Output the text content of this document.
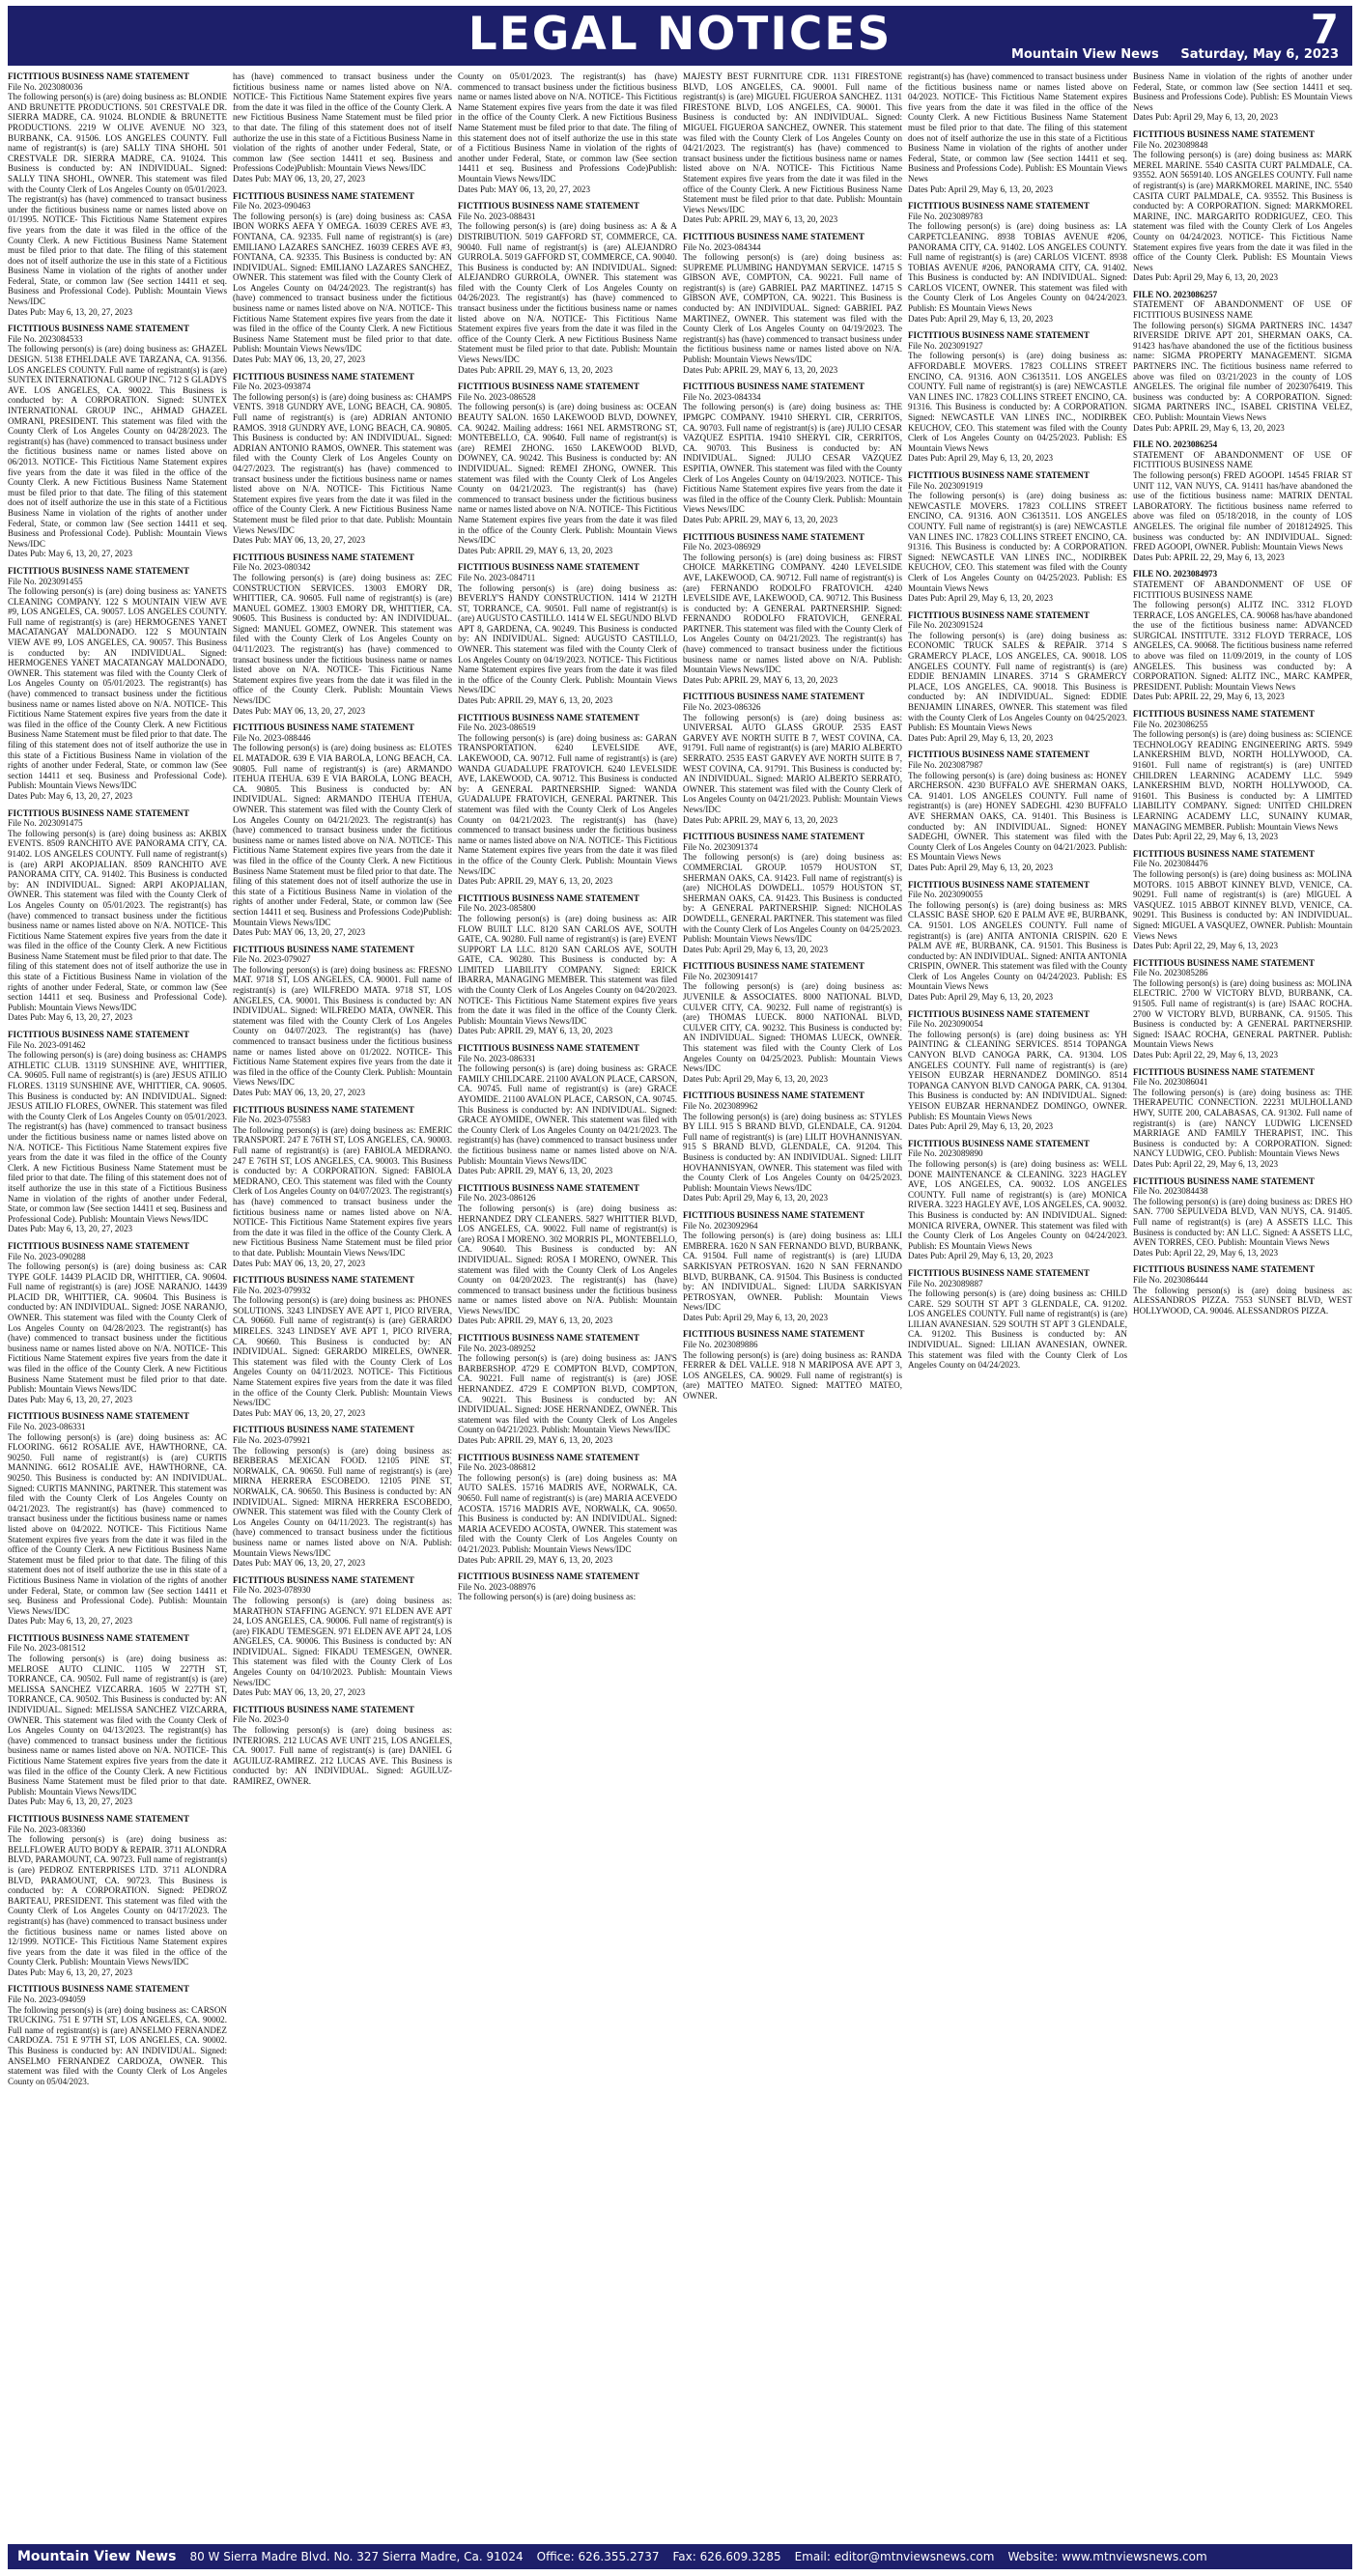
LEGAL NOTICES	7
Mountain View News Saturday, May 6, 2023
FICTITIOUS BUSINESS NAME STATEMENT
File No. 2023080036
The following person(s) is (are) doing business as: BLONDIE AND BRUNETTE PRODUCTIONS. 501 CRESTVALE DR. SIERRA MADRE, CA. 91024. BLONDIE & BRUNETTE PRODUCTIONS. 2219 W OLIVE AVENUE NO 323, BURBANK, CA. 91506. LOS ANGELES COUNTY. Full name of registrant(s) is (are) SALLY TINA SHOHL 501 CRESTVALE DR. SIERRA MADRE, CA. 91024. This Business is conducted by: AN INDIVIDUAL. Signed: SALLY TINA SHOHL, OWNER. This statement was filed with the County Clerk of Los Angeles County on 05/01/2023. The registrant(s) has (have) commenced to transact business under the fictitious business name or names listed above on 01/1995. NOTICE- This Fictitious Name Statement expires five years from the date it was filed in the office of the County Clerk. A new Fictitious Business Name Statement must be filed prior to that date. The filing of this statement does not of itself authorize the use in this state of a Fictitious Business Name in violation of the rights of another under Federal, State, or common law (See section 14411 et seq. Business and Professional Code). Publish: Mountain Views News/IDC
Dates Pub: May 6, 13, 20, 27, 2023
FICTITIOUS BUSINESS NAME STATEMENT
File No. 2023084533
The following person(s) is (are) doing business as: GHAZEL DESIGN. 5138 ETHELDALE AVE TARZANA, CA. 91356. LOS ANGELES COUNTY. Full name of registrant(s) is (are) SUNTEX INTERNATIONAL GROUP INC. 712 S GLADYS AVE. LOS ANGELES, CA. 90022. This Business is conducted by: A CORPORATION. Signed: SUNTEX INTERNATIONAL GROUP INC., AHMAD GHAZEL OMRANI, PRESIDENT. This statement was filed with the County Clerk of Los Angeles County on 04/28/2023. The registrant(s) has (have) commenced to transact business under the fictitious business name or names listed above on 06/2013. NOTICE- This Fictitious Name Statement expires five years from the date it was filed in the office of the County Clerk. A new Fictitious Business Name Statement must be filed prior to that date. The filing of this statement does not of itself authorize the use in this state of a Fictitious Business Name in violation of the rights of another under Federal, State, or common law (See section 14411 et seq. Business and Professional Code). Publish: Mountain Views News/IDC
Dates Pub: May 6, 13, 20, 27, 2023
FICTITIOUS BUSINESS NAME STATEMENT
File No. 2023091455
The following person(s) is (are) doing business as: YANETS CLEANING COMPANY. 122 S MOUNTAIN VIEW AVE #9, LOS ANGELES, CA. 90057. LOS ANGELES COUNTY. Full name of registrant(s) is (are) HERMOGENES YANET MACATANGAY MALDONADO. 122 S MOUNTAIN VIEW AVE #9, LOS ANGELES, CA. 90057. This Business is conducted by: AN INDIVIDUAL. Signed: HERMOGENES YANET MACATANGAY MALDONADO, OWNER. This statement was filed with the County Clerk of Los Angeles County on 05/01/2023. The registrant(s) has (have) commenced to transact business under the fictitious business name or names listed above on N/A. NOTICE- This Fictitious Name Statement expires five years from the date it was filed in the office of the County Clerk. A new Fictitious Business Name Statement must be filed prior to that date. The filing of this statement does not of itself authorize the use in this state of a Fictitious Business Name in violation of the rights of another under Federal, State, or common law (See section 14411 et seq. Business and Professional Code). Publish: Mountain Views News/IDC
Dates Pub: May 6, 13, 20, 27, 2023
FICTITIOUS BUSINESS NAME STATEMENT
File No. 2023091475
The following person(s) is (are) doing business as: AKBIX EVENTS. 8509 RANCHITO AVE PANORAMA CITY, CA. 91402. LOS ANGELES COUNTY. Full name of registrant(s) is (are) ARPI AKOPJALIAN. 8509 RANCHITO AVE PANORAMA CITY, CA. 91402. This Business is conducted by: AN INDIVIDUAL. Signed: ARPI AKOPJALIAN, OWNER. This statement was filed with the County Clerk of Los Angeles County on 05/01/2023. The registrant(s) has (have) commenced to transact business under the fictitious business name or names listed above on N/A. NOTICE- This Fictitious Name Statement expires five years from the date it was filed in the office of the County Clerk. A new Fictitious Business Name Statement must be filed prior to that date. The filing of this statement does not of itself authorize the use in this state of a Fictitious Business Name in violation of the rights of another under Federal, State, or common law (See section 14411 et seq. Business and Professional Code). Publish: Mountain Views News/IDC
Dates Pub: May 6, 13, 20, 27, 2023
FICTITIOUS BUSINESS NAME STATEMENT
File No. 2023-091462
The following person(s) is (are) doing business as: CHAMPS ATHLETIC CLUB. 13119 SUNSHINE AVE, WHITTIER, CA. 90605. Full name of registrant(s) is (are) JESUS ATILIO FLORES. 13119 SUNSHINE AVE, WHITTIER, CA. 90605. This Business is conducted by: AN INDIVIDUAL. Signed: JESUS ATILIO FLORES, OWNER. This statement was filed with the County Clerk of Los Angeles County on 05/01/2023. The registrant(s) has (have) commenced to transact business under the fictitious business name or names listed above on N/A. NOTICE- This Fictitious Name Statement expires five years from the date it was filed in the office of the County Clerk. A new Fictitious Business Name Statement must be filed prior to that date. The filing of this statement does not of itself authorize the use in this state of a Fictitious Business Name in violation of the rights of another under Federal, State, or common law (See section 14411 et seq. Business and Professional Code). Publish: Mountain Views News/IDC
Dates Pub: May 6, 13, 20, 27, 2023
FICTITIOUS BUSINESS NAME STATEMENT
File No. 2023-090288
The following person(s) is (are) doing business as: CAR TYPE GOLF. 14439 PLACID DR, WHITTIER, CA. 90604. Full name of registrant(s) is (are) JOSE NARANJO. 14439 PLACID DR, WHITTIER, CA. 90604. This Business is conducted by: AN INDIVIDUAL. Signed: JOSE NARANJO, OWNER. This statement was filed with the County Clerk of Los Angeles County on 04/28/2023. The registrant(s) has (have) commenced to transact business under the fictitious business name or names listed above on N/A. NOTICE- This Fictitious Name Statement expires five years from the date it was filed in the office of the County Clerk. A new Fictitious Business Name Statement must be filed prior to that date. Publish: Mountain Views News/IDC
Dates Pub: May 6, 13, 20, 27, 2023
FICTITIOUS BUSINESS NAME STATEMENT
File No. 2023-086331
The following person(s) is (are) doing business as: AC FLOORING. 6612 ROSALIE AVE, HAWTHORNE, CA. 90250. Full name of registrant(s) is (are) CURTIS MANNING. 6612 ROSALIE AVE, HAWTHORNE, CA. 90250. This Business is conducted by: AN INDIVIDUAL. Signed: CURTIS MANNING, PARTNER. This statement was filed with the County Clerk of Los Angeles County on 04/21/2023. The registrant(s) has (have) commenced to transact business under the fictitious business name or names listed above on 04/2022. NOTICE- This Fictitious Name Statement expires five years from the date it was filed in the office of the County Clerk. A new Fictitious Business Name Statement must be filed prior to that date. The filing of this statement does not of itself authorize the use in this state of a Fictitious Business Name in violation of the rights of another under Federal, State, or common law (See section 14411 et seq. Business and Professional Code). Publish: Mountain Views News/IDC
Dates Pub: May 6, 13, 20, 27, 2023
FICTITIOUS BUSINESS NAME STATEMENT
File No. 2023-081512
The following person(s) is (are) doing business as: MELROSE AUTO CLINIC. 1105 W 227TH ST, TORRANCE, CA. 90502. Full name of registrant(s) is (are) MELISSA SANCHEZ VIZCARRA. 1605 W 227TH ST, TORRANCE, CA. 90502. This Business is conducted by: AN INDIVIDUAL. Signed: MELISSA SANCHEZ VIZCARRA, OWNER. This statement was filed with the County Clerk of Los Angeles County on 04/13/2023. The registrant(s) has (have) commenced to transact business under the fictitious business name or names listed above on N/A. NOTICE- This Fictitious Name Statement expires five years from the date it was filed in the office of the County Clerk. A new Fictitious Business Name Statement must be filed prior to that date. Publish: Mountain Views News/IDC
Dates Pub: May 6, 13, 20, 27, 2023
FICTITIOUS BUSINESS NAME STATEMENT
File No. 2023-083360
The following person(s) is (are) doing business as: BELLFLOWER AUTO BODY & REPAIR. 3711 ALONDRA BLVD, PARAMOUNT, CA. 90723. Full name of registrant(s) is (are) PEDROZ ENTERPRISES LTD. 3711 ALONDRA BLVD, PARAMOUNT, CA. 90723. This Business is conducted by: A CORPORATION. Signed: PEDROZ BARTEAU, PRESIDENT. This statement was filed with the County Clerk of Los Angeles County on 04/17/2023. The registrant(s) has (have) commenced to transact business under the fictitious business name or names listed above on 12/1999. NOTICE- This Fictitious Name Statement expires five years from the date it was filed in the office of the County Clerk. Publish: Mountain Views News/IDC
Dates Pub: May 6, 13, 20, 27, 2023
FICTITIOUS BUSINESS NAME STATEMENT
File No. 2023-094059
The following person(s) is (are) doing business as: CARSON TRUCKING. 751 E 97TH ST, LOS ANGELES, CA. 90002. Full name of registrant(s) is (are) ANSELMO FERNANDEZ CARDOZA. 751 E 97TH ST, LOS ANGELES, CA. 90002. This Business is conducted by: AN INDIVIDUAL. Signed: ANSELMO FERNANDEZ CARDOZA, OWNER. This statement was filed with the County Clerk of Los Angeles County on 05/04/2023.
has (have) commenced to transact business under the fictitious business name or names listed above on N/A. NOTICE- This Fictitious Name Statement expires five years from the date it was filed in the office of the County Clerk. A new Fictitious Business Name Statement must be filed prior to that date. The filing of this statement does not of itself authorize the use in this state of a Fictitious Business Name in violation of the rights of another under Federal, State, or common law (See section 14411 et seq. Business and Professions Code)Publish: Mountain Views News/IDC
Dates Pub: MAY 06, 13, 20, 27, 2023
FICTITIOUS BUSINESS NAME STATEMENT
File No. 2023-090463
The following person(s) is (are) doing business as: CASA IBON WORKS AEFA Y OMEGA. 16039 CERES AVE #3, FONTANA, CA. 92335. Full name of registrant(s) is (are) EMILIANO LAZARES SANCHEZ. 16039 CERES AVE #3, FONTANA, CA. 92335. This Business is conducted by: AN INDIVIDUAL. Signed: EMILIANO LAZARES SANCHEZ, OWNER. This statement was filed with the County Clerk of Los Angeles County on 04/24/2023. The registrant(s) has (have) commenced to transact business under the fictitious business name or names listed above on N/A. NOTICE- This Fictitious Name Statement expires five years from the date it was filed in the office of the County Clerk. A new Fictitious Business Name Statement must be filed prior to that date. Publish: Mountain Views News/IDC
Dates Pub: MAY 06, 13, 20, 27, 2023
FICTITIOUS BUSINESS NAME STATEMENT
File No. 2023-093874
The following person(s) is (are) doing business as: CHAMPS VENTS. 3918 GUNDRY AVE, LONG BEACH, CA. 90805. Full name of registrant(s) is (are) ADRIAN ANTONIO RAMOS. 3918 GUNDRY AVE, LONG BEACH, CA. 90805. This Business is conducted by: AN INDIVIDUAL. Signed: ADRIAN ANTONIO RAMOS, OWNER. This statement was filed with the County Clerk of Los Angeles County on 04/27/2023. The registrant(s) has (have) commenced to transact business under the fictitious business name or names listed above on N/A. NOTICE- This Fictitious Name Statement expires five years from the date it was filed in the office of the County Clerk. A new Fictitious Business Name Statement must be filed prior to that date. Publish: Mountain Views News/IDC
Dates Pub: MAY 06, 13, 20, 27, 2023
FICTITIOUS BUSINESS NAME STATEMENT
File No. 2023-080342
The following person(s) is (are) doing business as: ZEC CONSTRUCTION SERVICES. 13003 EMORY DR, WHITTIER, CA. 90605. Full name of registrant(s) is (are) MANUEL GOMEZ. 13003 EMORY DR, WHITTIER, CA. 90605. This Business is conducted by: AN INDIVIDUAL. Signed: MANUEL GOMEZ, OWNER. This statement was filed with the County Clerk of Los Angeles County on 04/11/2023. The registrant(s) has (have) commenced to transact business under the fictitious business name or names listed above on N/A. NOTICE- This Fictitious Name Statement expires five years from the date it was filed in the office of the County Clerk. Publish: Mountain Views News/IDC
Dates Pub: MAY 06, 13, 20, 27, 2023
FICTITIOUS BUSINESS NAME STATEMENT
File No. 2023-088446
The following person(s) is (are) doing business as: ELOTES EL MATADOR. 639 E VIA BAROLA, LONG BEACH, CA. 90805. Full name of registrant(s) is (are) ARMANDO ITEHUA ITEHUA. 639 E VIA BAROLA, LONG BEACH, CA. 90805. This Business is conducted by: AN INDIVIDUAL. Signed: ARMANDO ITEHUA ITEHUA, OWNER. This statement was filed with the County Clerk of Los Angeles County on 04/21/2023. The registrant(s) has (have) commenced to transact business under the fictitious business name or names listed above on N/A. NOTICE- This Fictitious Name Statement expires five years from the date it was filed in the office of the County Clerk. A new Fictitious Business Name Statement must be filed prior to that date. The filing of this statement does not of itself authorize the use in this state of a Fictitious Business Name in violation of the rights of another under Federal, State, or common law (See section 14411 et seq. Business and Professions Code)Publish: Mountain Views News/IDC
Dates Pub: MAY 06, 13, 20, 27, 2023
FICTITIOUS BUSINESS NAME STATEMENT
File No. 2023-079027
The following person(s) is (are) doing business as: FRESNO MAT. 9718 ST, LOS ANGELES, CA. 90001. Full name of registrant(s) is (are) WILFREDO MATA. 9718 ST, LOS ANGELES, CA. 90001. This Business is conducted by: AN INDIVIDUAL. Signed: WILFREDO MATA, OWNER. This statement was filed with the County Clerk of Los Angeles County on 04/07/2023. The registrant(s) has (have) commenced to transact business under the fictitious business name or names listed above on 01/2022. NOTICE- This Fictitious Name Statement expires five years from the date it was filed in the office of the County Clerk. Publish: Mountain Views News/IDC
Dates Pub: MAY 06, 13, 20, 27, 2023
FICTITIOUS BUSINESS NAME STATEMENT
File No. 2023-075583
The following person(s) is (are) doing business as: EMERIC TRANSPORT. 247 E 76TH ST, LOS ANGELES, CA. 90003. Full name of registrant(s) is (are) FABIOLA MEDRANO. 247 E 76TH ST, LOS ANGELES, CA. 90003. This Business is conducted by: A CORPORATION. Signed: FABIOLA MEDRANO, CEO. This statement was filed with the County Clerk of Los Angeles County on 04/07/2023. The registrant(s) has (have) commenced to transact business under the fictitious business name or names listed above on N/A. NOTICE- This Fictitious Name Statement expires five years from the date it was filed in the office of the County Clerk. A new Fictitious Business Name Statement must be filed prior to that date. Publish: Mountain Views News/IDC
Dates Pub: MAY 06, 13, 20, 27, 2023
FICTITIOUS BUSINESS NAME STATEMENT
File No. 2023-079932
The following person(s) is (are) doing business as: PHONES SOLUTIONS. 3243 LINDSEY AVE APT 1, PICO RIVERA, CA. 90660. Full name of registrant(s) is (are) GERARDO MIRELES. 3243 LINDSEY AVE APT 1, PICO RIVERA, CA. 90660. This Business is conducted by: AN INDIVIDUAL. Signed: GERARDO MIRELES, OWNER. This statement was filed with the County Clerk of Los Angeles County on 04/11/2023. NOTICE- This Fictitious Name Statement expires five years from the date it was filed in the office of the County Clerk. Publish: Mountain Views News/IDC
Dates Pub: MAY 06, 13, 20, 27, 2023
FICTITIOUS BUSINESS NAME STATEMENT
File No. 2023-079921
The following person(s) is (are) doing business as: BERBERAS MEXICAN FOOD. 12105 PINE ST, NORWALK, CA. 90650. Full name of registrant(s) is (are) MIRNA HERRERA ESCOBEDO. 12105 PINE ST, NORWALK, CA. 90650. This Business is conducted by: AN INDIVIDUAL. Signed: MIRNA HERRERA ESCOBEDO, OWNER. This statement was filed with the County Clerk of Los Angeles County on 04/11/2023. The registrant(s) has (have) commenced to transact business under the fictitious business name or names listed above on N/A. Publish: Mountain Views News/IDC
Dates Pub: MAY 06, 13, 20, 27, 2023
FICTITIOUS BUSINESS NAME STATEMENT
File No. 2023-078930
The following person(s) is (are) doing business as: MARATHON STAFFING AGENCY. 971 ELDEN AVE APT 24, LOS ANGELES, CA. 90006. Full name of registrant(s) is (are) FIKADU TEMESGEN. 971 ELDEN AVE APT 24, LOS ANGELES, CA. 90006. This Business is conducted by: AN INDIVIDUAL. Signed: FIKADU TEMESGEN, OWNER. This statement was filed with the County Clerk of Los Angeles County on 04/10/2023. Publish: Mountain Views News/IDC
Dates Pub: MAY 06, 13, 20, 27, 2023
FICTITIOUS BUSINESS NAME STATEMENT
File No. 2023-0
The following person(s) is (are) doing business as: INTERIORS. 212 LUCAS AVE UNIT 215, LOS ANGELES, CA. 90017. Full name of registrant(s) is (are) DANIEL G AGUILUZ-RAMIREZ. 212 LUCAS AVE. This Business is conducted by: AN INDIVIDUAL. Signed: AGUILUZ- RAMIREZ, OWNER.
County on 05/01/2023. The registrant(s) has (have) commenced to transact business under the fictitious business name or names listed above on N/A. NOTICE- This Fictitious Name Statement expires five years from the date it was filed in the office of the County Clerk. A new Fictitious Business Name Statement must be filed prior to that date. The filing of this statement does not of itself authorize the use in this state of a Fictitious Business Name in violation of the rights of another under Federal, State, or common law (See section 14411 et seq. Business and Professions Code)Publish: Mountain Views News/IDC
Dates Pub: MAY 06, 13, 20, 27, 2023
FICTITIOUS BUSINESS NAME STATEMENT
File No. 2023-088431
The following person(s) is (are) doing business as: A & A DISTRIBUTION. 5019 GAFFORD ST, COMMERCE, CA. 90040. Full name of registrant(s) is (are) ALEJANDRO GURROLA. 5019 GAFFORD ST, COMMERCE, CA. 90040. This Business is conducted by: AN INDIVIDUAL. Signed: ALEJANDRO GURROLA, OWNER. This statement was filed with the County Clerk of Los Angeles County on 04/26/2023. The registrant(s) has (have) commenced to transact business under the fictitious business name or names listed above on N/A. NOTICE- This Fictitious Name Statement expires five years from the date it was filed in the office of the County Clerk. A new Fictitious Business Name Statement must be filed prior to that date. Publish: Mountain Views News/IDC
Dates Pub: APRIL 29, MAY 6, 13, 20, 2023
FICTITIOUS BUSINESS NAME STATEMENT
File No. 2023-086528
The following person(s) is (are) doing business as: OCEAN BEAUTY SALON. 1650 LAKEWOOD BLVD, DOWNEY, CA. 90242. Mailing address: 1661 NEL ARMSTRONG ST, MONTEBELLO, CA. 90640. Full name of registrant(s) is (are) REMEI ZHONG. 1650 LAKEWOOD BLVD, DOWNEY, CA. 90242. This Business is conducted by: AN INDIVIDUAL. Signed: REMEI ZHONG, OWNER. This statement was filed with the County Clerk of Los Angeles County on 04/21/2023. The registrant(s) has (have) commenced to transact business under the fictitious business name or names listed above on N/A. NOTICE- This Fictitious Name Statement expires five years from the date it was filed in the office of the County Clerk. Publish: Mountain Views News/IDC
Dates Pub: APRIL 29, MAY 6, 13, 20, 2023
FICTITIOUS BUSINESS NAME STATEMENT
File No. 2023-084711
The following person(s) is (are) doing business as: BEVERLY'S HANDY CONSTRUCTION. 1414 W 212TH ST, TORRANCE, CA. 90501. Full name of registrant(s) is (are) AUGUSTO CASTILLO. 1414 W EL SEGUNDO BLVD APT 8, GARDENA, CA. 90249. This Business is conducted by: AN INDIVIDUAL. Signed: AUGUSTO CASTILLO, OWNER. This statement was filed with the County Clerk of Los Angeles County on 04/19/2023. NOTICE- This Fictitious Name Statement expires five years from the date it was filed in the office of the County Clerk. Publish: Mountain Views News/IDC
Dates Pub: APRIL 29, MAY 6, 13, 20, 2023
FICTITIOUS BUSINESS NAME STATEMENT
File No. 2023-086519
The following person(s) is (are) doing business as: GARAN TRANSPORTATION. 6240 LEVELSIDE AVE, LAKEWOOD, CA. 90712. Full name of registrant(s) is (are) WANDA GUADALUPE FRATOVICH. 6240 LEVELSIDE AVE, LAKEWOOD, CA. 90712. This Business is conducted by: A GENERAL PARTNERSHIP. Signed: WANDA GUADALUPE FRATOVICH, GENERAL PARTNER. This statement was filed with the County Clerk of Los Angeles County on 04/21/2023. The registrant(s) has (have) commenced to transact business under the fictitious business name or names listed above on N/A. NOTICE- This Fictitious Name Statement expires five years from the date it was filed in the office of the County Clerk. Publish: Mountain Views News/IDC
Dates Pub: APRIL 29, MAY 6, 13, 20, 2023
FICTITIOUS BUSINESS NAME STATEMENT
File No. 2023-085800
The following person(s) is (are) doing business as: AIR FLOW BUILT LLC. 8120 SAN CARLOS AVE, SOUTH GATE, CA. 90280. Full name of registrant(s) is (are) EVENT SUPPORT LA LLC. 8120 SAN CARLOS AVE, SOUTH GATE, CA. 90280. This Business is conducted by: A LIMITED LIABILITY COMPANY. Signed: ERICK IBARRA, MANAGING MEMBER. This statement was filed with the County Clerk of Los Angeles County on 04/20/2023. NOTICE- This Fictitious Name Statement expires five years from the date it was filed in the office of the County Clerk. Publish: Mountain Views News/IDC
Dates Pub: APRIL 29, MAY 6, 13, 20, 2023
FICTITIOUS BUSINESS NAME STATEMENT
File No. 2023-086331
The following person(s) is (are) doing business as: GRACE FAMILY CHILDCARE. 21100 AVALON PLACE, CARSON, CA. 90745. Full name of registrant(s) is (are) GRACE AYOMIDE. 21100 AVALON PLACE, CARSON, CA. 90745. This Business is conducted by: AN INDIVIDUAL. Signed: GRACE AYOMIDE, OWNER. This statement was filed with the County Clerk of Los Angeles County on 04/21/2023. The registrant(s) has (have) commenced to transact business under the fictitious business name or names listed above on N/A. Publish: Mountain Views News/IDC
Dates Pub: APRIL 29, MAY 6, 13, 20, 2023
FICTITIOUS BUSINESS NAME STATEMENT
File No. 2023-086126
The following person(s) is (are) doing business as: HERNANDEZ DRY CLEANERS. 5827 WHITTIER BLVD, LOS ANGELES, CA. 90022. Full name of registrant(s) is (are) ROSA I MORENO. 302 MORRIS PL, MONTEBELLO, CA. 90640. This Business is conducted by: AN INDIVIDUAL. Signed: ROSA I MORENO, OWNER. This statement was filed with the County Clerk of Los Angeles County on 04/20/2023. The registrant(s) has (have) commenced to transact business under the fictitious business name or names listed above on N/A. Publish: Mountain Views News/IDC
Dates Pub: APRIL 29, MAY 6, 13, 20, 2023
FICTITIOUS BUSINESS NAME STATEMENT
File No. 2023-089252
The following person(s) is (are) doing business as: JAN'S BARBERSHOP. 4729 E COMPTON BLVD, COMPTON, CA. 90221. Full name of registrant(s) is (are) JOSE HERNANDEZ. 4729 E COMPTON BLVD, COMPTON, CA. 90221. This Business is conducted by: AN INDIVIDUAL. Signed: JOSE HERNANDEZ, OWNER. This statement was filed with the County Clerk of Los Angeles County on 04/21/2023. Publish: Mountain Views News/IDC
Dates Pub: APRIL 29, MAY 6, 13, 20, 2023
FICTITIOUS BUSINESS NAME STATEMENT
File No. 2023-086812
The following person(s) is (are) doing business as: MA AUTO SALES. 15716 MADRIS AVE, NORWALK, CA. 90650. Full name of registrant(s) is (are) MARIA ACEVEDO ACOSTA. 15716 MADRIS AVE, NORWALK, CA. 90650. This Business is conducted by: AN INDIVIDUAL. Signed: MARIA ACEVEDO ACOSTA, OWNER. This statement was filed with the County Clerk of Los Angeles County on 04/21/2023. Publish: Mountain Views News/IDC
Dates Pub: APRIL 29, MAY 6, 13, 20, 2023
FICTITIOUS BUSINESS NAME STATEMENT
File No. 2023-088976
The following person(s) is (are) doing business as:
MAJESTY BEST FURNITURE CDR. 1131 FIRESTONE BLVD, LOS ANGELES, CA. 90001. Full name of registrant(s) is (are) MIGUEL FIGUEROA SANCHEZ. 1131 FIRESTONE BLVD, LOS ANGELES, CA. 90001. This Business is conducted by: AN INDIVIDUAL. Signed: MIGUEL FIGUEROA SANCHEZ, OWNER. This statement was filed with the County Clerk of Los Angeles County on 04/21/2023. The registrant(s) has (have) commenced to transact business under the fictitious business name or names listed above on N/A. NOTICE- This Fictitious Name Statement expires five years from the date it was filed in the office of the County Clerk. A new Fictitious Business Name Statement must be filed prior to that date. Publish: Mountain Views News/IDC
Dates Pub: APRIL 29, MAY 6, 13, 20, 2023
FICTITIOUS BUSINESS NAME STATEMENT
File No. 2023-084344
The following person(s) is (are) doing business as: SUPREME PLUMBING HANDYMAN SERVICE. 14715 S GIBSON AVE, COMPTON, CA. 90221. Full name of registrant(s) is (are) GABRIEL PAZ MARTINEZ. 14715 S GIBSON AVE, COMPTON, CA. 90221. This Business is conducted by: AN INDIVIDUAL. Signed: GABRIEL PAZ MARTINEZ, OWNER. This statement was filed with the County Clerk of Los Angeles County on 04/19/2023. The registrant(s) has (have) commenced to transact business under the fictitious business name or names listed above on N/A. Publish: Mountain Views News/IDC
Dates Pub: APRIL 29, MAY 6, 13, 20, 2023
FICTITIOUS BUSINESS NAME STATEMENT
File No. 2023-084334
The following person(s) is (are) doing business as: THE IPMGPC COMPANY. 19410 SHERYL CIR, CERRITOS, CA. 90703. Full name of registrant(s) is (are) JULIO CESAR VAZQUEZ ESPITIA. 19410 SHERYL CIR, CERRITOS, CA. 90703. This Business is conducted by: AN INDIVIDUAL. Signed: JULIO CESAR VAZQUEZ ESPITIA, OWNER. This statement was filed with the County Clerk of Los Angeles County on 04/19/2023. NOTICE- This Fictitious Name Statement expires five years from the date it was filed in the office of the County Clerk. Publish: Mountain Views News/IDC
Dates Pub: APRIL 29, MAY 6, 13, 20, 2023
FICTITIOUS BUSINESS NAME STATEMENT
File No. 2023-086929
The following person(s) is (are) doing business as: FIRST CHOICE MARKETING COMPANY. 4240 LEVELSIDE AVE, LAKEWOOD, CA. 90712. Full name of registrant(s) is (are) FERNANDO RODOLFO FRATOVICH. 4240 LEVELSIDE AVE, LAKEWOOD, CA. 90712. This Business is conducted by: A GENERAL PARTNERSHIP. Signed: FERNANDO RODOLFO FRATOVICH, GENERAL PARTNER. This statement was filed with the County Clerk of Los Angeles County on 04/21/2023. The registrant(s) has (have) commenced to transact business under the fictitious business name or names listed above on N/A. Publish: Mountain Views News/IDC
Dates Pub: APRIL 29, MAY 6, 13, 20, 2023
FICTITIOUS BUSINESS NAME STATEMENT
File No. 2023-086326
The following person(s) is (are) doing business as: UNIVERSAL AUTO GLASS GROUP. 2535 EAST GARVEY AVE NORTH SUITE B 7, WEST COVINA, CA. 91791. Full name of registrant(s) is (are) MARIO ALBERTO SERRATO. 2535 EAST GARVEY AVE NORTH SUITE B 7, WEST COVINA, CA. 91791. This Business is conducted by: AN INDIVIDUAL. Signed: MARIO ALBERTO SERRATO, OWNER. This statement was filed with the County Clerk of Los Angeles County on 04/21/2023. Publish: Mountain Views News/IDC
Dates Pub: APRIL 29, MAY 6, 13, 20, 2023
FICTITIOUS BUSINESS NAME STATEMENT
File No. 2023091374
The following person(s) is (are) doing business as: COMMERCIAL GROUP. 10579 HOUSTON ST, SHERMAN OAKS, CA. 91423. Full name of registrant(s) is (are) NICHOLAS DOWDELL. 10579 HOUSTON ST, SHERMAN OAKS, CA. 91423. This Business is conducted by: A GENERAL PARTNERSHIP. Signed: NICHOLAS DOWDELL, GENERAL PARTNER. This statement was filed with the County Clerk of Los Angeles County on 04/25/2023. Publish: Mountain Views News/IDC
Dates Pub: April 29, May 6, 13, 20, 2023
FICTITIOUS BUSINESS NAME STATEMENT
File No. 2023091417
The following person(s) is (are) doing business as: JUVENILE & ASSOCIATES. 8000 NATIONAL BLVD, CULVER CITY, CA. 90232. Full name of registrant(s) is (are) THOMAS LUECK. 8000 NATIONAL BLVD, CULVER CITY, CA. 90232. This Business is conducted by: AN INDIVIDUAL. Signed: THOMAS LUECK, OWNER. This statement was filed with the County Clerk of Los Angeles County on 04/25/2023. Publish: Mountain Views News/IDC
Dates Pub: April 29, May 6, 13, 20, 2023
FICTITIOUS BUSINESS NAME STATEMENT
File No. 2023089962
The following person(s) is (are) doing business as: STYLES BY LILI. 915 S BRAND BLVD, GLENDALE, CA. 91204. Full name of registrant(s) is (are) LILIT HOVHANNISYAN. 915 S BRAND BLVD, GLENDALE, CA. 91204. This Business is conducted by: AN INDIVIDUAL. Signed: LILIT HOVHANNISYAN, OWNER. This statement was filed with the County Clerk of Los Angeles County on 04/25/2023. Publish: Mountain Views News/IDC
Dates Pub: April 29, May 6, 13, 20, 2023
FICTITIOUS BUSINESS NAME STATEMENT
File No. 2023092964
The following person(s) is (are) doing business as: LILI EMBRERA. 1620 N SAN FERNANDO BLVD, BURBANK, CA. 91504. Full name of registrant(s) is (are) LIUDA SARKISYAN PETROSYAN. 1620 N SAN FERNANDO BLVD, BURBANK, CA. 91504. This Business is conducted by: AN INDIVIDUAL. Signed: LIUDA SARKISYAN PETROSYAN, OWNER. Publish: Mountain Views News/IDC
Dates Pub: April 29, May 6, 13, 20, 2023
FICTITIOUS BUSINESS NAME STATEMENT
File No. 2023089886
The following person(s) is (are) doing business as: RANDA FERRER & DEL VALLE. 918 N MARIPOSA AVE APT 3, LOS ANGELES, CA. 90029. Full name of registrant(s) is (are) MATTEO MATEO. Signed: MATTEO MATEO, OWNER.
registrant(s) has (have) commenced to transact business under the fictitious business name or names listed above on 04/2023. NOTICE- This Fictitious Name Statement expires five years from the date it was filed in the office of the County Clerk. A new Fictitious Business Name Statement must be filed prior to that date. The filing of this statement does not of itself authorize the use in this state of a Fictitious Business Name in violation of the rights of another under Federal, State, or common law (See section 14411 et seq. Business and Professions Code). Publish: ES Mountain Views News
Dates Pub: April 29, May 6, 13, 20, 2023
FICTITIOUS BUSINESS NAME STATEMENT
File No. 2023089783
The following person(s) is (are) doing business as: LA CARPETCLEANING. 8938 TOBIAS AVENUE #206, PANORAMA CITY, CA. 91402. LOS ANGELES COUNTY. Full name of registrant(s) is (are) CARLOS VICENT. 8938 TOBIAS AVENUE #206, PANORAMA CITY, CA. 91402. This Business is conducted by: AN INDIVIDUAL. Signed: CARLOS VICENT, OWNER. This statement was filed with the County Clerk of Los Angeles County on 04/24/2023. Publish: ES Mountain Views News
Dates Pub: April 29, May 6, 13, 20, 2023
FICTITIOUS BUSINESS NAME STATEMENT
File No. 2023091927
The following person(s) is (are) doing business as: AFFORDABLE MOVERS. 17823 COLLINS STREET ENCINO, CA. 91316. AON C3613511. LOS ANGELES COUNTY. Full name of registrant(s) is (are) NEWCASTLE VAN LINES INC. 17823 COLLINS STREET ENCINO, CA. 91316. This Business is conducted by: A CORPORATION. Signed: NEWCASTLE VAN LINES INC., NODIRBEK KEUCHOV, CEO. This statement was filed with the County Clerk of Los Angeles County on 04/25/2023. Publish: ES Mountain Views News
Dates Pub: April 29, May 6, 13, 20, 2023
FICTITIOUS BUSINESS NAME STATEMENT
File No. 2023091919
The following person(s) is (are) doing business as: NEWCASTLE MOVERS. 17823 COLLINS STREET ENCINO, CA. 91316. AON C3613511. LOS ANGELES COUNTY. Full name of registrant(s) is (are) NEWCASTLE VAN LINES INC. 17823 COLLINS STREET ENCINO, CA. 91316. This Business is conducted by: A CORPORATION. Signed: NEWCASTLE VAN LINES INC., NODIRBEK KEUCHOV, CEO. This statement was filed with the County Clerk of Los Angeles County on 04/25/2023. Publish: ES Mountain Views News
Dates Pub: April 29, May 6, 13, 20, 2023
FICTITIOUS BUSINESS NAME STATEMENT
File No. 2023091524
The following person(s) is (are) doing business as: ECONOMIC TRUCK SALES & REPAIR. 3714 S GRAMERCY PLACE, LOS ANGELES, CA. 90018. LOS ANGELES COUNTY. Full name of registrant(s) is (are) EDDIE BENJAMIN LINARES. 3714 S GRAMERCY PLACE, LOS ANGELES, CA. 90018. This Business is conducted by: AN INDIVIDUAL. Signed: EDDIE BENJAMIN LINARES, OWNER. This statement was filed with the County Clerk of Los Angeles County on 04/25/2023. Publish: ES Mountain Views News
Dates Pub: April 29, May 6, 13, 20, 2023
FICTITIOUS BUSINESS NAME STATEMENT
File No. 2023087987
The following person(s) is (are) doing business as: HONEY ARCHERSON. 4230 BUFFALO AVE SHERMAN OAKS, CA. 91401. LOS ANGELES COUNTY. Full name of registrant(s) is (are) HONEY SADEGHI. 4230 BUFFALO AVE SHERMAN OAKS, CA. 91401. This Business is conducted by: AN INDIVIDUAL. Signed: HONEY SADEGHI, OWNER. This statement was filed with the County Clerk of Los Angeles County on 04/21/2023. Publish: ES Mountain Views News
Dates Pub: April 29, May 6, 13, 20, 2023
FICTITIOUS BUSINESS NAME STATEMENT
File No. 2023090055
The following person(s) is (are) doing business as: MRS CLASSIC BASE SHOP. 620 E PALM AVE #E, BURBANK, CA. 91501. LOS ANGELES COUNTY. Full name of registrant(s) is (are) ANITA ANTONIA CRISPIN. 620 E PALM AVE #E, BURBANK, CA. 91501. This Business is conducted by: AN INDIVIDUAL. Signed: ANITA ANTONIA CRISPIN, OWNER. This statement was filed with the County Clerk of Los Angeles County on 04/24/2023. Publish: ES Mountain Views News
Dates Pub: April 29, May 6, 13, 20, 2023
FICTITIOUS BUSINESS NAME STATEMENT
File No. 2023090054
The following person(s) is (are) doing business as: YH PAINTING & CLEANING SERVICES. 8514 TOPANGA CANYON BLVD CANOGA PARK, CA. 91304. LOS ANGELES COUNTY. Full name of registrant(s) is (are) YEISON EUBZAR HERNANDEZ DOMINGO. 8514 TOPANGA CANYON BLVD CANOGA PARK, CA. 91304. This Business is conducted by: AN INDIVIDUAL. Signed: YEISON EUBZAR HERNANDEZ DOMINGO, OWNER. Publish: ES Mountain Views News
Dates Pub: April 29, May 6, 13, 20, 2023
FICTITIOUS BUSINESS NAME STATEMENT
File No. 2023089890
The following person(s) is (are) doing business as: WELL DONE MAINTENANCE & CLEANING. 3223 HAGLEY AVE, LOS ANGELES, CA. 90032. LOS ANGELES COUNTY. Full name of registrant(s) is (are) MONICA RIVERA. 3223 HAGLEY AVE, LOS ANGELES, CA. 90032. This Business is conducted by: AN INDIVIDUAL. Signed: MONICA RIVERA, OWNER. This statement was filed with the County Clerk of Los Angeles County on 04/24/2023. Publish: ES Mountain Views News
Dates Pub: April 29, May 6, 13, 20, 2023
FICTITIOUS BUSINESS NAME STATEMENT
File No. 2023089887
The following person(s) is (are) doing business as: CHILD CARE. 529 SOUTH ST APT 3 GLENDALE, CA. 91202. LOS ANGELES COUNTY. Full name of registrant(s) is (are) LILIAN AVANESIAN. 529 SOUTH ST APT 3 GLENDALE, CA. 91202. This Business is conducted by: AN INDIVIDUAL. Signed: LILIAN AVANESIAN, OWNER. This statement was filed with the County Clerk of Los Angeles County on 04/24/2023.
Business Name in violation of the rights of another under Federal, State, or common law (See section 14411 et seq. Business and Professions Code). Publish: ES Mountain Views News
Dates Pub: April 29, May 6, 13, 20, 2023
FICTITIOUS BUSINESS NAME STATEMENT
File No. 2023089848
The following person(s) is (are) doing business as: MARK MEREL MARINE. 5540 CASITA CURT PALMDALE, CA. 93552. AON 5659140. LOS ANGELES COUNTY. Full name of registrant(s) is (are) MARKMOREL MARINE, INC. 5540 CASITA CURT PALMDALE, CA. 93552. This Business is conducted by: A CORPORATION. Signed: MARKMOREL MARINE, INC. MARGARITO RODRIGUEZ, CEO. This statement was filed with the County Clerk of Los Angeles County on 04/24/2023. NOTICE- This Fictitious Name Statement expires five years from the date it was filed in the office of the County Clerk. Publish: ES Mountain Views News
Dates Pub: April 29, May 6, 13, 20, 2023
FILE NO. 2023086257
STATEMENT OF ABANDONMENT OF USE OF FICTITIOUS BUSINESS NAME
The following person(s) SIGMA PARTNERS INC. 14347 RIVERSIDE DRIVE APT 201, SHERMAN OAKS, CA. 91423 has/have abandoned the use of the fictitious business name: SIGMA PROPERTY MANAGEMENT. SIGMA PARTNERS INC. The fictitious business name referred to above was filed on 03/21/2023 in the county of LOS ANGELES. The original file number of 2023076419. This business was conducted by: A CORPORATION. Signed: SIGMA PARTNERS INC., ISABEL CRISTINA VELEZ, CEO. Publish: Mountain Views News
Dates Pub: APRIL 29, May 6, 13, 20, 2023
FILE NO. 2023086254
STATEMENT OF ABANDONMENT OF USE OF FICTITIOUS BUSINESS NAME
The following person(s) FRED AGOOPI. 14545 FRIAR ST UNIT 112, VAN NUYS, CA. 91411 has/have abandoned the use of the fictitious business name: MATRIX DENTAL LABORATORY. The fictitious business name referred to above was filed on 05/18/2018, in the county of LOS ANGELES. The original file number of 2018124925. This business was conducted by: AN INDIVIDUAL. Signed: FRED AGOOPI, OWNER. Publish: Mountain Views News
Dates Pub: APRIL 22, 29, May 6, 13, 2023
FILE NO. 2023084973
STATEMENT OF ABANDONMENT OF USE OF FICTITIOUS BUSINESS NAME
The following person(s) ALITZ INC. 3312 FLOYD TERRACE, LOS ANGELES, CA. 90068 has/have abandoned the use of the fictitious business name: ADVANCED SURGICAL INSTITUTE. 3312 FLOYD TERRACE, LOS ANGELES, CA. 90068. The fictitious business name referred to above was filed on 11/09/2019, in the county of LOS ANGELES. This business was conducted by: A CORPORATION. Signed: ALITZ INC., MARC KAMPER, PRESIDENT. Publish: Mountain Views News
Dates Pub: APRIL 22, 29, May 6, 13, 2023
FICTITIOUS BUSINESS NAME STATEMENT
File No. 2023086255
The following person(s) is (are) doing business as: SCIENCE TECHNOLOGY READING ENGINEERING ARTS. 5949 LANKERSHIM BLVD, NORTH HOLLYWOOD, CA. 91601. Full name of registrant(s) is (are) UNITED CHILDREN LEARNING ACADEMY LLC. 5949 LANKERSHIM BLVD, NORTH HOLLYWOOD, CA. 91601. This Business is conducted by: A LIMITED LIABILITY COMPANY. Signed: UNITED CHILDREN LEARNING ACADEMY LLC, SUNAINY KUMAR, MANAGING MEMBER. Publish: Mountain Views News
Dates Pub: April 22, 29, May 6, 13, 2023
FICTITIOUS BUSINESS NAME STATEMENT
File No. 2023084476
The following person(s) is (are) doing business as: MOLINA MOTORS. 1015 ABBOT KINNEY BLVD, VENICE, CA. 90291. Full name of registrant(s) is (are) MIGUEL A VASQUEZ. 1015 ABBOT KINNEY BLVD, VENICE, CA. 90291. This Business is conducted by: AN INDIVIDUAL. Signed: MIGUEL A VASQUEZ, OWNER. Publish: Mountain Views News
Dates Pub: April 22, 29, May 6, 13, 2023
FICTITIOUS BUSINESS NAME STATEMENT
File No. 2023085286
The following person(s) is (are) doing business as: MOLINA ELECTRIC. 2700 W VICTORY BLVD, BURBANK, CA. 91505. Full name of registrant(s) is (are) ISAAC ROCHA. 2700 W VICTORY BLVD, BURBANK, CA. 91505. This Business is conducted by: A GENERAL PARTNERSHIP. Signed: ISAAC ROCHA, GENERAL PARTNER. Publish: Mountain Views News
Dates Pub: April 22, 29, May 6, 13, 2023
FICTITIOUS BUSINESS NAME STATEMENT
File No. 2023086041
The following person(s) is (are) doing business as: THE THERAPEUTIC CONNECTION. 22231 MULHOLLAND HWY, SUITE 200, CALABASAS, CA. 91302. Full name of registrant(s) is (are) NANCY LUDWIG LICENSED MARRIAGE AND FAMILY THERAPIST, INC. This Business is conducted by: A CORPORATION. Signed: NANCY LUDWIG, CEO. Publish: Mountain Views News
Dates Pub: April 22, 29, May 6, 13, 2023
FICTITIOUS BUSINESS NAME STATEMENT
File No. 2023084438
The following person(s) is (are) doing business as: DRES HO SAN. 7700 SEPULVEDA BLVD, VAN NUYS, CA. 91405. Full name of registrant(s) is (are) A ASSETS LLC. This Business is conducted by: AN LLC. Signed: A ASSETS LLC, AVEN TORRES, CEO. Publish: Mountain Views News
Dates Pub: April 22, 29, May 6, 13, 2023
FICTITIOUS BUSINESS NAME STATEMENT
File No. 2023086444
The following person(s) is (are) doing business as: ALESSANDROS PIZZA. 7553 SUNSET BLVD, WEST HOLLYWOOD, CA. 90046. ALESSANDROS PIZZA.
Mountain View News	80 W Sierra Madre Blvd. No. 327 Sierra Madre, Ca. 91024	Office: 626.355.2737	Fax: 626.609.3285	Email: editor@mtnviewsnews.com	Website: www.mtnviewsnews.com
